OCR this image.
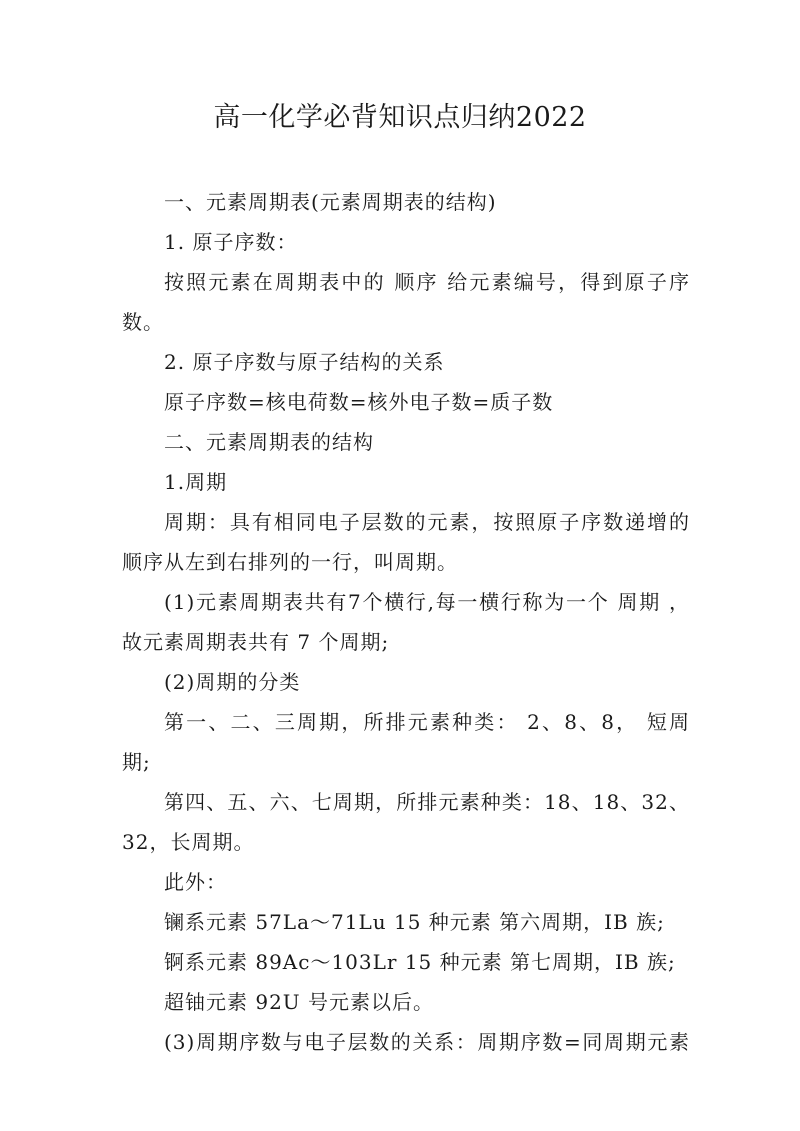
高一化学必背知识点归纳2022
一、元素周期表(元素周期表的结构)
1. 原子序数：
按照元素在周期表中的 顺序 给元素编号，得到原子序
数。
2. 原子序数与原子结构的关系
原子序数=核电荷数=核外电子数=质子数
二、元素周期表的结构
1.周期
周期：具有相同电子层数的元素，按照原子序数递增的
顺序从左到右排列的一行，叫周期。
(1)元素周期表共有7个横行,每一横行称为一个 周期 ，
故元素周期表共有 7 个周期;
(2)周期的分类
第一、二、三周期，所排元素种类： 2、8、8， 短周
期;
第四、五、六、七周期，所排元素种类：18、18、32、
32，长周期。
此外：
镧系元素 57La～71Lu 15 种元素 第六周期，IB 族;
锕系元素 89Ac～103Lr 15 种元素 第七周期，IB 族;
超铀元素 92U 号元素以后。
(3)周期序数与电子层数的关系：周期序数=同周期元素
